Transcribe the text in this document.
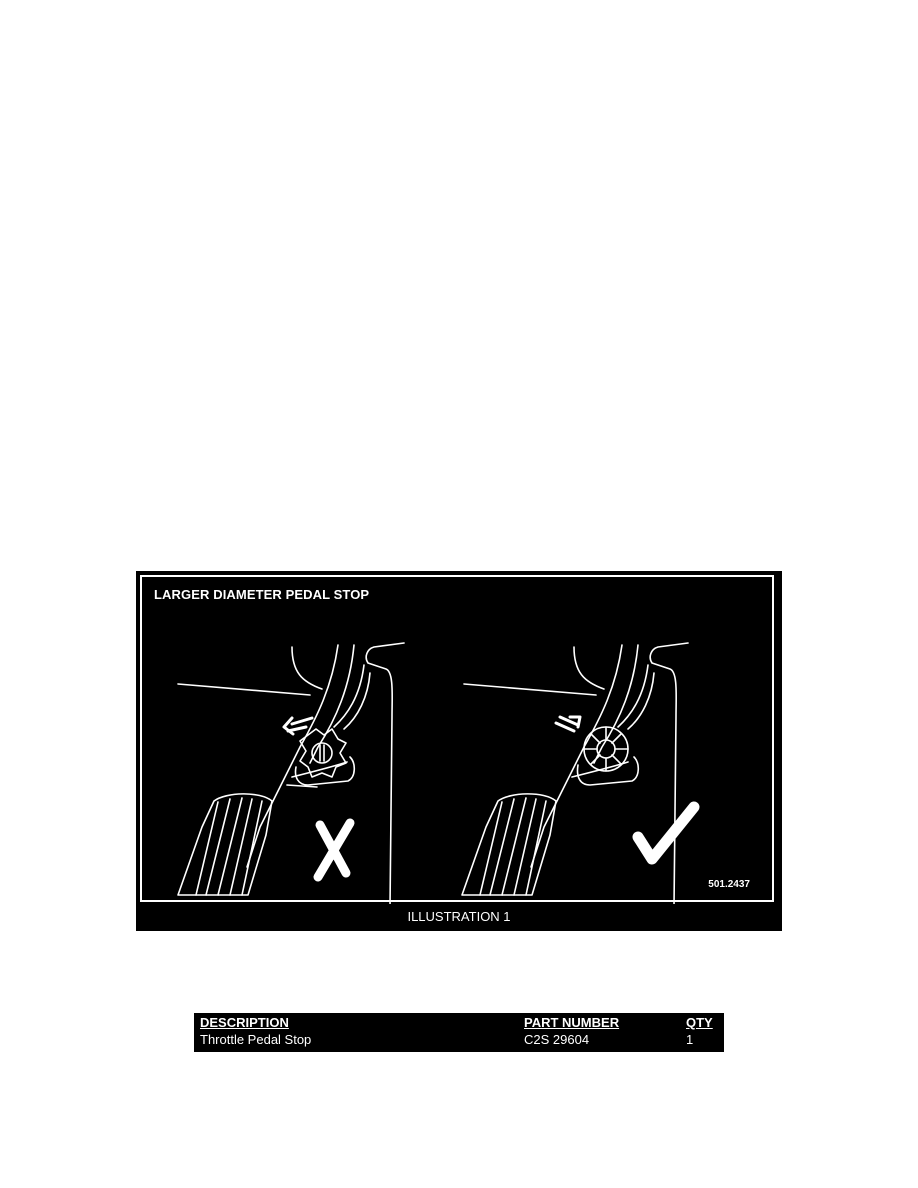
LARGER DIAMETER PEDAL STOP
501.2437
ILLUSTRATION 1
DESCRIPTION	PART NUMBER	QTY
Throttle Pedal Stop	C2S 29604	1
